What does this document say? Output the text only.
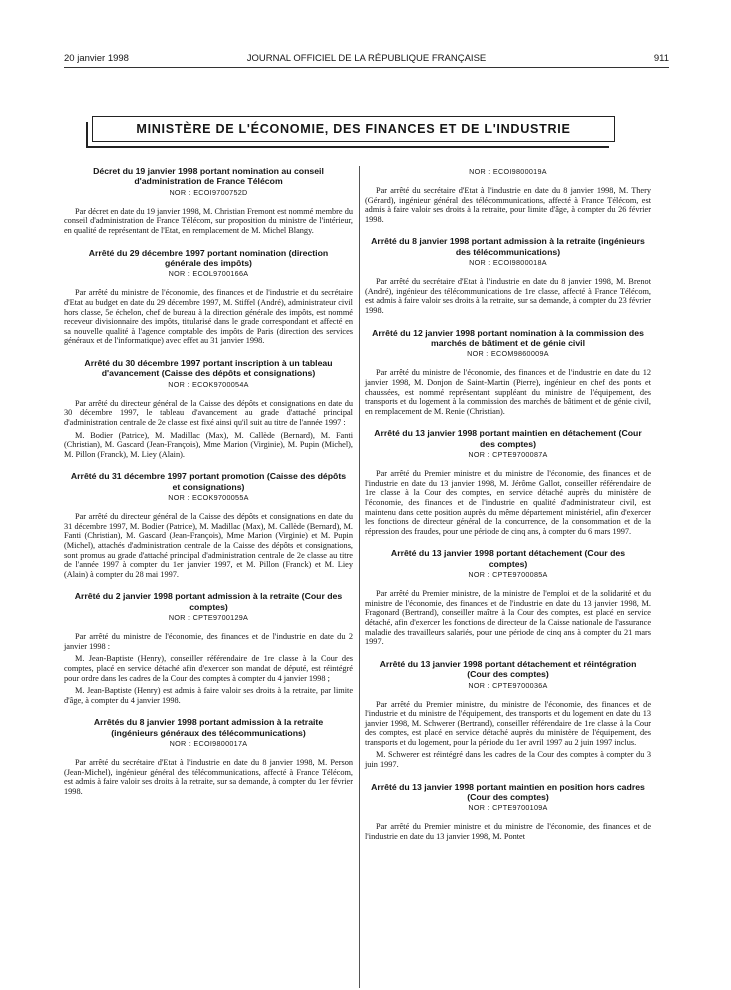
20 janvier 1998	JOURNAL OFFICIEL DE LA RÉPUBLIQUE FRANÇAISE	911
MINISTÈRE DE L'ÉCONOMIE, DES FINANCES ET DE L'INDUSTRIE
Décret du 19 janvier 1998 portant nomination au conseil d'administration de France Télécom
NOR : ECOI9700752D

Par décret en date du 19 janvier 1998, M. Christian Fremont est nommé membre du conseil d'administration de France Télécom, sur proposition du ministre de l'intérieur, en qualité de représentant de l'Etat, en remplacement de M. Michel Blangy.

Arrêté du 29 décembre 1997 portant nomination (direction générale des impôts)
NOR : ECOL9700166A

Par arrêté du ministre de l'économie, des finances et de l'industrie et du secrétaire d'Etat au budget en date du 29 décembre 1997, M. Stiffel (André), administrateur civil hors classe, 5e échelon, chef de bureau à la direction générale des impôts, est nommé receveur divisionnaire des impôts, titularisé dans le grade correspondant et affecté en sa nouvelle qualité à l'agence comptable des impôts de Paris (direction des services généraux et de l'informatique) avec effet au 31 janvier 1998.

Arrêté du 30 décembre 1997 portant inscription à un tableau d'avancement (Caisse des dépôts et consignations)
NOR : ECOK9700054A

Par arrêté du directeur général de la Caisse des dépôts et consignations en date du 30 décembre 1997, le tableau d'avancement au grade d'attaché principal d'administration centrale de 2e classe est fixé ainsi qu'il suit au titre de l'année 1997 :

M. Bodier (Patrice), M. Madillac (Max), M. Callède (Bernard), M. Fanti (Christian), M. Gascard (Jean-François), Mme Marion (Virginie), M. Pupin (Michel), M. Pillon (Franck), M. Liey (Alain).

Arrêté du 31 décembre 1997 portant promotion (Caisse des dépôts et consignations)
NOR : ECOK9700055A

Par arrêté du directeur général de la Caisse des dépôts et consignations en date du 31 décembre 1997, M. Bodier (Patrice), M. Madillac (Max), M. Callède (Bernard), M. Fanti (Christian), M. Gascard (Jean-François), Mme Marion (Virginie) et M. Pupin (Michel), attachés d'administration centrale de la Caisse des dépôts et consignations, sont promus au grade d'attaché principal d'administration centrale de 2e classe au titre de l'année 1997 à compter du 1er janvier 1997, et M. Pillon (Franck) et M. Liey (Alain) à compter du 28 mai 1997.

Arrêté du 2 janvier 1998 portant admission à la retraite (Cour des comptes)
NOR : CPTE9700129A

Par arrêté du ministre de l'économie, des finances et de l'industrie en date du 2 janvier 1998 :

M. Jean-Baptiste (Henry), conseiller référendaire de 1re classe à la Cour des comptes, placé en service détaché afin d'exercer son mandat de député, est réintégré pour ordre dans les cadres de la Cour des comptes à compter du 4 janvier 1998 ;

M. Jean-Baptiste (Henry) est admis à faire valoir ses droits à la retraite, par limite d'âge, à compter du 4 janvier 1998.

Arrêtés du 8 janvier 1998 portant admission à la retraite (ingénieurs généraux des télécommunications)
NOR : ECOI9800017A

Par arrêté du secrétaire d'Etat à l'industrie en date du 8 janvier 1998, M. Person (Jean-Michel), ingénieur général des télécommunications, affecté à France Télécom, est admis à faire valoir ses droits à la retraite, sur sa demande, à compter du 1er février 1998.

NOR : ECOI9800019A

Par arrêté du secrétaire d'Etat à l'industrie en date du 8 janvier 1998, M. Thery (Gérard), ingénieur général des télécommunications, affecté à France Télécom, est admis à faire valoir ses droits à la retraite, pour limite d'âge, à compter du 26 février 1998.

Arrêté du 8 janvier 1998 portant admission à la retraite (ingénieurs des télécommunications)
NOR : ECOI9800018A

Par arrêté du secrétaire d'Etat à l'industrie en date du 8 janvier 1998, M. Brenot (André), ingénieur des télécommunications de 1re classe, affecté à France Télécom, est admis à faire valoir ses droits à la retraite, sur sa demande, à compter du 23 février 1998.

Arrêté du 12 janvier 1998 portant nomination à la commission des marchés de bâtiment et de génie civil
NOR : ECOM9860009A

Par arrêté du ministre de l'économie, des finances et de l'industrie en date du 12 janvier 1998, M. Donjon de Saint-Martin (Pierre), ingénieur en chef des ponts et chaussées, est nommé représentant suppléant du ministre de l'équipement, des transports et du logement à la commission des marchés de bâtiment et de génie civil, en remplacement de M. Renie (Christian).

Arrêté du 13 janvier 1998 portant maintien en détachement (Cour des comptes)
NOR : CPTE9700087A

Par arrêté du Premier ministre et du ministre de l'économie, des finances et de l'industrie en date du 13 janvier 1998, M. Jérôme Gallot, conseiller référendaire de 1re classe à la Cour des comptes, en service détaché auprès du ministère de l'économie, des finances et de l'industrie en qualité d'administrateur civil, est maintenu dans cette position auprès du même département ministériel, afin d'exercer les fonctions de directeur général de la concurrence, de la consommation et de la répression des fraudes, pour une période de cinq ans, à compter du 6 mars 1997.

Arrêté du 13 janvier 1998 portant détachement (Cour des comptes)
NOR : CPTE9700085A

Par arrêté du Premier ministre, de la ministre de l'emploi et de la solidarité et du ministre de l'économie, des finances et de l'industrie en date du 13 janvier 1998, M. Fragonard (Bertrand), conseiller maître à la Cour des comptes, est placé en service détaché, afin d'exercer les fonctions de directeur de la Caisse nationale de l'assurance maladie des travailleurs salariés, pour une période de cinq ans à compter du 21 mars 1997.

Arrêté du 13 janvier 1998 portant détachement et réintégration (Cour des comptes)
NOR : CPTE9700036A

Par arrêté du Premier ministre, du ministre de l'économie, des finances et de l'industrie et du ministre de l'équipement, des transports et du logement en date du 13 janvier 1998, M. Schwerer (Bertrand), conseiller référendaire de 1re classe à la Cour des comptes, est placé en service détaché auprès du ministère de l'équipement, des transports et du logement, pour la période du 1er avril 1997 au 2 juin 1997 inclus.

M. Schwerer est réintégré dans les cadres de la Cour des comptes à compter du 3 juin 1997.

Arrêté du 13 janvier 1998 portant maintien en position hors cadres (Cour des comptes)
NOR : CPTE9700109A

Par arrêté du Premier ministre et du ministre de l'économie, des finances et de l'industrie en date du 13 janvier 1998, M. Pontet
